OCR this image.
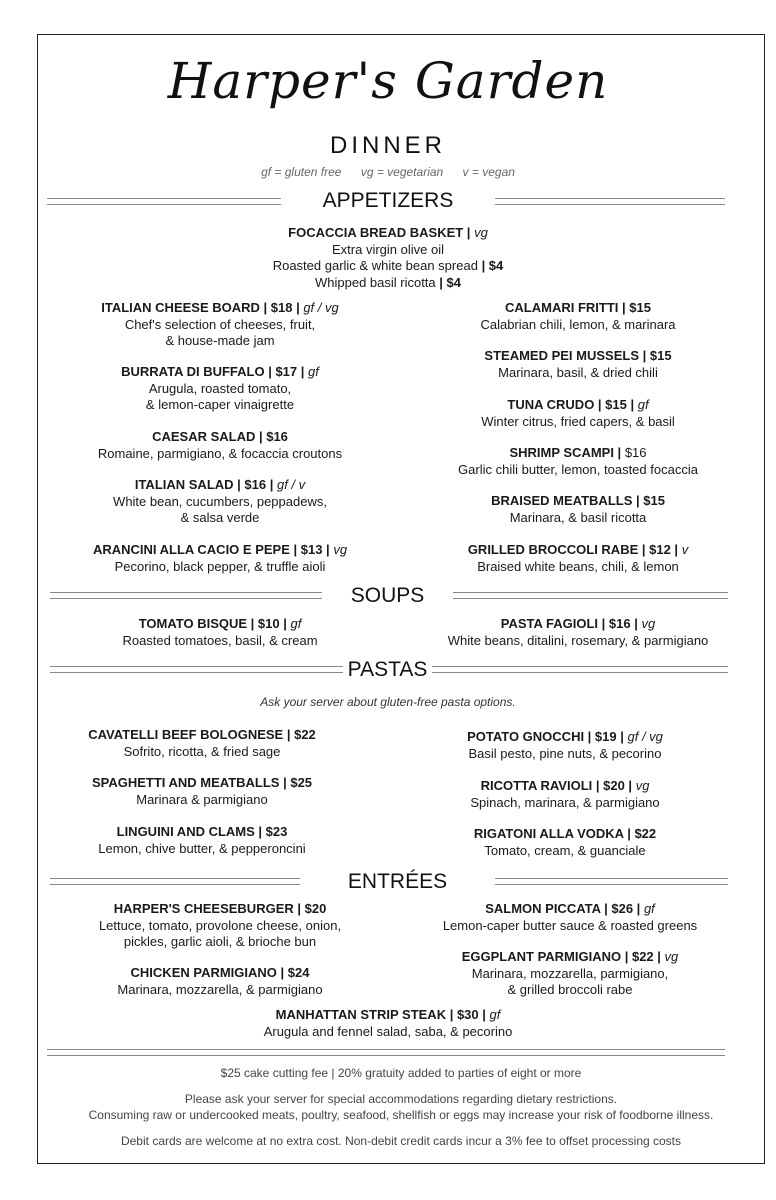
Harper's Garden
DINNER
gf = gluten free vg = vegetarian v = vegan
APPETIZERS
FOCACCIA BREAD BASKET | vg
Extra virgin olive oil
Roasted garlic & white bean spread | $4
Whipped basil ricotta | $4
ITALIAN CHEESE BOARD | $18 | gf / vg
Chef's selection of cheeses, fruit,
& house-made jam
BURRATA DI BUFFALO | $17 | gf
Arugula, roasted tomato,
& lemon-caper vinaigrette
CAESAR SALAD | $16
Romaine, parmigiano, & focaccia croutons
ITALIAN SALAD | $16 | gf / v
White bean, cucumbers, peppadews,
& salsa verde
ARANCINI ALLA CACIO E PEPE | $13 | vg
Pecorino, black pepper, & truffle aioli
CALAMARI FRITTI | $15
Calabrian chili, lemon, & marinara
STEAMED PEI MUSSELS | $15
Marinara, basil, & dried chili
TUNA CRUDO | $15 | gf
Winter citrus, fried capers, & basil
SHRIMP SCAMPI | $16
Garlic chili butter, lemon, toasted focaccia
BRAISED MEATBALLS | $15
Marinara, & basil ricotta
GRILLED BROCCOLI RABE | $12 | v
Braised white beans, chili, & lemon
SOUPS
TOMATO BISQUE | $10 | gf
Roasted tomatoes, basil, & cream
PASTA FAGIOLI | $16 | vg
White beans, ditalini, rosemary, & parmigiano
PASTAS
Ask your server about gluten-free pasta options.
CAVATELLI BEEF BOLOGNESE | $22
Sofrito, ricotta, & fried sage
SPAGHETTI AND MEATBALLS | $25
Marinara & parmigiano
LINGUINI AND CLAMS | $23
Lemon, chive butter, & pepperoncini
POTATO GNOCCHI | $19 | gf / vg
Basil pesto, pine nuts, & pecorino
RICOTTA RAVIOLI | $20 | vg
Spinach, marinara, & parmigiano
RIGATONI ALLA VODKA | $22
Tomato, cream, & guanciale
ENTRÉES
HARPER'S CHEESEBURGER | $20
Lettuce, tomato, provolone cheese, onion,
pickles, garlic aioli, & brioche bun
CHICKEN PARMIGIANO | $24
Marinara, mozzarella, & parmigiano
SALMON PICCATA | $26 | gf
Lemon-caper butter sauce & roasted greens
EGGPLANT PARMIGIANO | $22 | vg
Marinara, mozzarella, parmigiano,
& grilled broccoli rabe
MANHATTAN STRIP STEAK | $30 | gf
Arugula and fennel salad, saba, & pecorino
$25 cake cutting fee | 20% gratuity added to parties of eight or more
Please ask your server for special accommodations regarding dietary restrictions.
Consuming raw or undercooked meats, poultry, seafood, shellfish or eggs may increase your risk of foodborne illness.
Debit cards are welcome at no extra cost. Non-debit credit cards incur a 3% fee to offset processing costs
